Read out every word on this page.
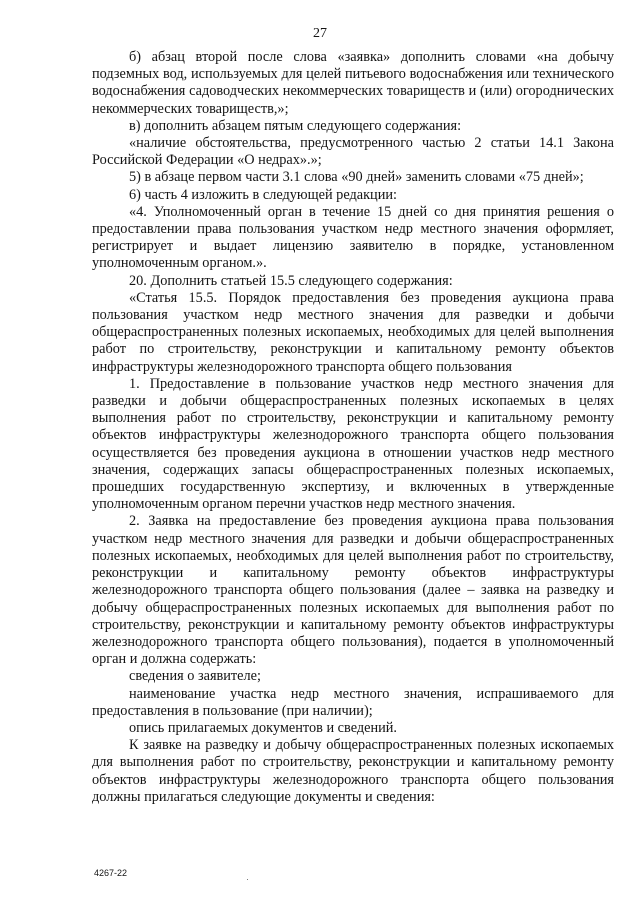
27

б) абзац второй после слова «заявка» дополнить словами «на добычу подземных вод, используемых для целей питьевого водоснабжения или технического водоснабжения садоводческих некоммерческих товариществ и (или) огороднических некоммерческих товариществ,»;

в) дополнить абзацем пятым следующего содержания:

«наличие обстоятельства, предусмотренного частью 2 статьи 14.1 Закона Российской Федерации «О недрах».»;

5) в абзаце первом части 3.1 слова «90 дней» заменить словами «75 дней»;

6) часть 4 изложить в следующей редакции:

«4. Уполномоченный орган в течение 15 дней со дня принятия решения о предоставлении права пользования участком недр местного значения оформляет, регистрирует и выдает лицензию заявителю в порядке, установленном уполномоченным органом.».

20. Дополнить статьей 15.5 следующего содержания:

«Статья 15.5. Порядок предоставления без проведения аукциона права пользования участком недр местного значения для разведки и добычи общераспространенных полезных ископаемых, необходимых для целей выполнения работ по строительству, реконструкции и капитальному ремонту объектов инфраструктуры железнодорожного транспорта общего пользования

1. Предоставление в пользование участков недр местного значения для разведки и добычи общераспространенных полезных ископаемых в целях выполнения работ по строительству, реконструкции и капитальному ремонту объектов инфраструктуры железнодорожного транспорта общего пользования осуществляется без проведения аукциона в отношении участков недр местного значения, содержащих запасы общераспространенных полезных ископаемых, прошедших государственную экспертизу, и включенных в утвержденные уполномоченным органом перечни участков недр местного значения.

2. Заявка на предоставление без проведения аукциона права пользования участком недр местного значения для разведки и добычи общераспространенных полезных ископаемых, необходимых для целей выполнения работ по строительству, реконструкции и капитальному ремонту объектов инфраструктуры железнодорожного транспорта общего пользования (далее – заявка на разведку и добычу общераспространенных полезных ископаемых для выполнения работ по строительству, реконструкции и капитальному ремонту объектов инфраструктуры железнодорожного транспорта общего пользования), подается в уполномоченный орган и должна содержать:

сведения о заявителе;

наименование участка недр местного значения, испрашиваемого для предоставления в пользование (при наличии);

опись прилагаемых документов и сведений.

К заявке на разведку и добычу общераспространенных полезных ископаемых для выполнения работ по строительству, реконструкции и капитальному ремонту объектов инфраструктуры железнодорожного транспорта общего пользования должны прилагаться следующие документы и сведения:

4267-22
